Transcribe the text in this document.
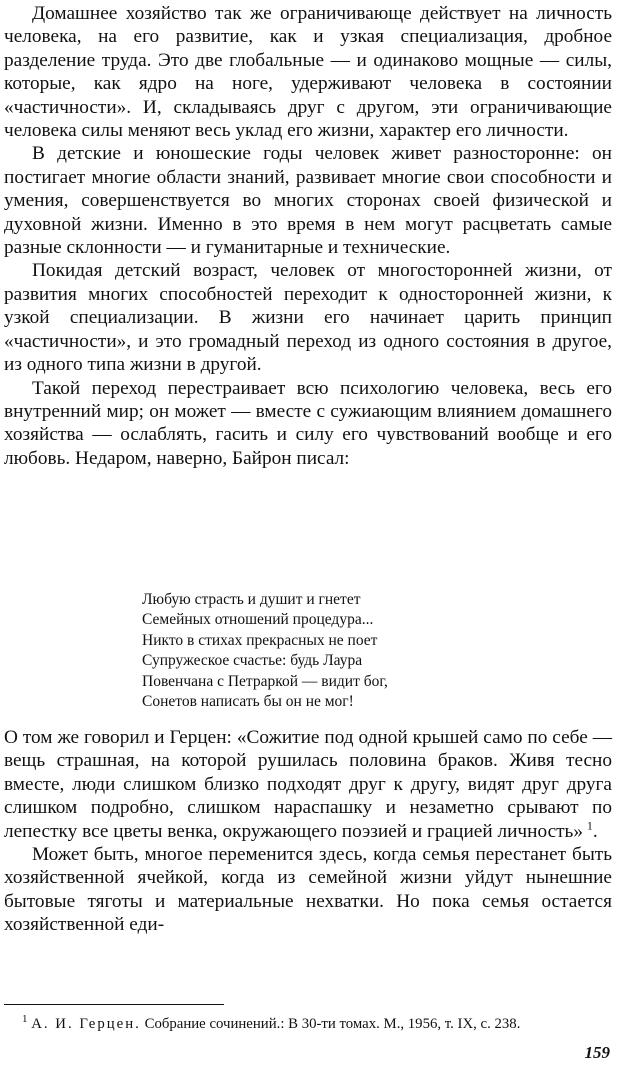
Домашнее хозяйство так же ограничивающе действует на личность человека, на его развитие, как и узкая специализация, дробное разделение труда. Это две глобальные — и одинаково мощные — силы, которые, как ядро на ноге, удерживают человека в состоянии «частичности». И, складываясь друг с другом, эти ограничивающие человека силы меняют весь уклад его жизни, характер его личности.

В детские и юношеские годы человек живет разносторонне: он постигает многие области знаний, развивает многие свои способности и умения, совершенствуется во многих сторонах своей физической и духовной жизни. Именно в это время в нем могут расцветать самые разные склонности — и гуманитарные и технические.

Покидая детский возраст, человек от многосторонней жизни, от развития многих способностей переходит к односторонней жизни, к узкой специализации. В жизни его начинает царить принцип «частичности», и это громадный переход из одного состояния в другое, из одного типа жизни в другой.

Такой переход перестраивает всю психологию человека, весь его внутренний мир; он может — вместе с сужиающим влиянием домашнего хозяйства — ослаблять, гасить и силу его чувствований вообще и его любовь. Недаром, наверно, Байрон писал:

Любую страсть и душит и гнетет
Семейных отношений процедура...
Никто в стихах прекрасных не поет
Супружеское счастье: будь Лаура
Повенчана с Петраркой — видит бог,
Сонетов написать бы он не мог!

О том же говорил и Герцен: «Сожитие под одной крышей само по себе — вещь страшная, на которой рушилась половина браков. Живя тесно вместе, люди слишком близко подходят друг к другу, видят друг друга слишком подробно, слишком нараспашку и незаметно срывают по лепестку все цветы венка, окружающего поэзией и грацией личность»  $^1$.

Может быть, многое переменится здесь, когда семья перестанет быть хозяйственной ячейкой, когда из семейной жизни уйдут нынешние бытовые тяготы и материальные нехватки. Но пока семья остается хозяйственной еди-

$^1$ А. И. Герцен. Собрание сочинений.: В 30-ти томах. М., 1956, т. IX, с. 238.
159
